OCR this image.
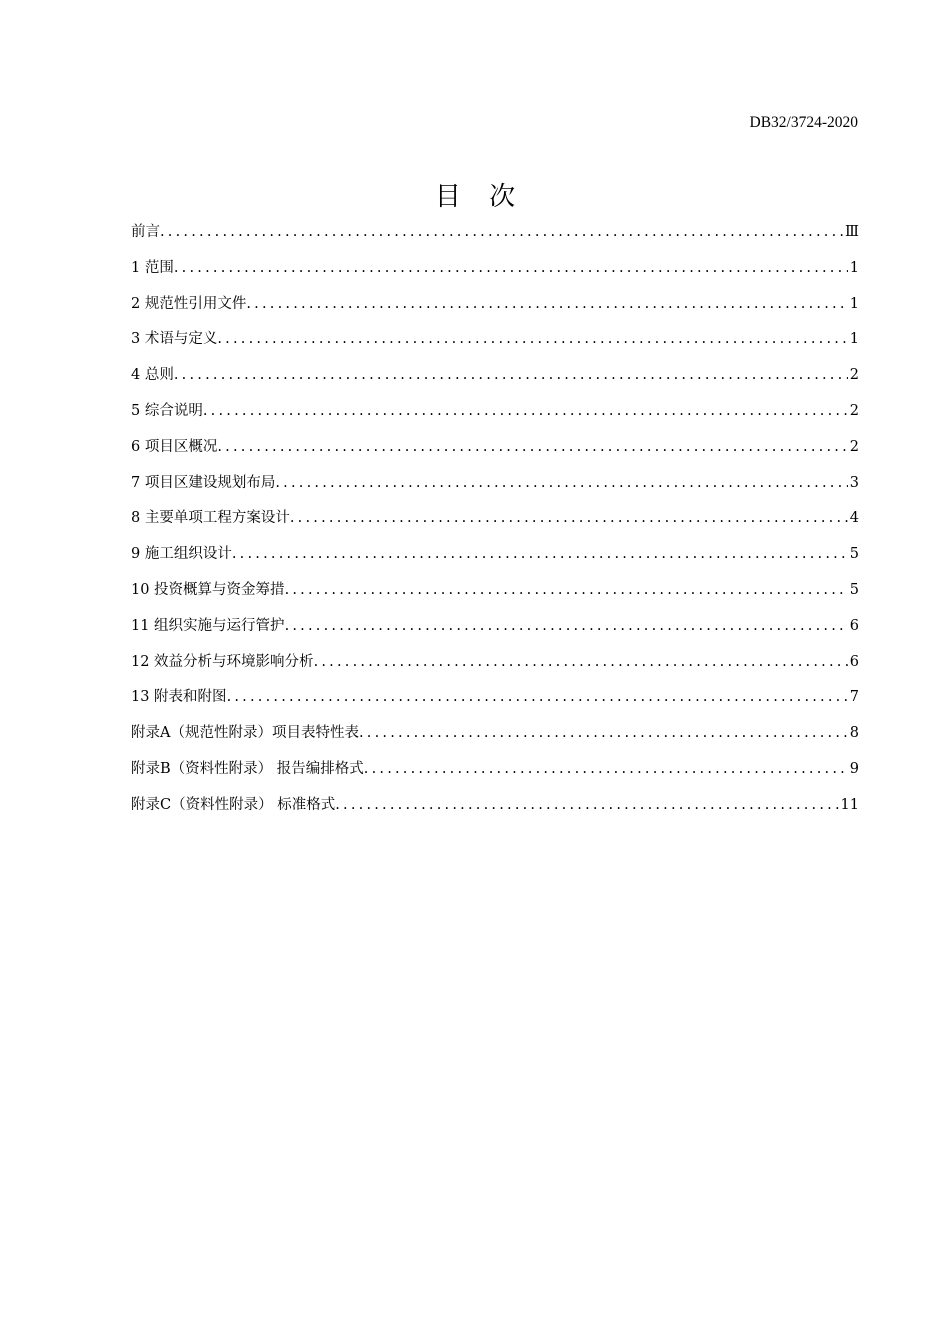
DB32/3724-2020
目 次
前言 .....	Ⅲ
1 范围 .....	1
2 规范性引用文件 .....	1
3 术语与定义 .....	1
4 总则 .....	2
5 综合说明 .....	2
6 项目区概况 .....	2
7 项目区建设规划布局 .....	3
8 主要单项工程方案设计 .....	4
9 施工组织设计 .....	5
10 投资概算与资金筹措 .....	5
11 组织实施与运行管护 .....	6
12 效益分析与环境影响分析 .....	6
13 附表和附图 .....	7
附录A（规范性附录）项目表特性表 .....	8
附录B（资料性附录） 报告编排格式 .....	9
附录C（资料性附录） 标准格式 .....	11
